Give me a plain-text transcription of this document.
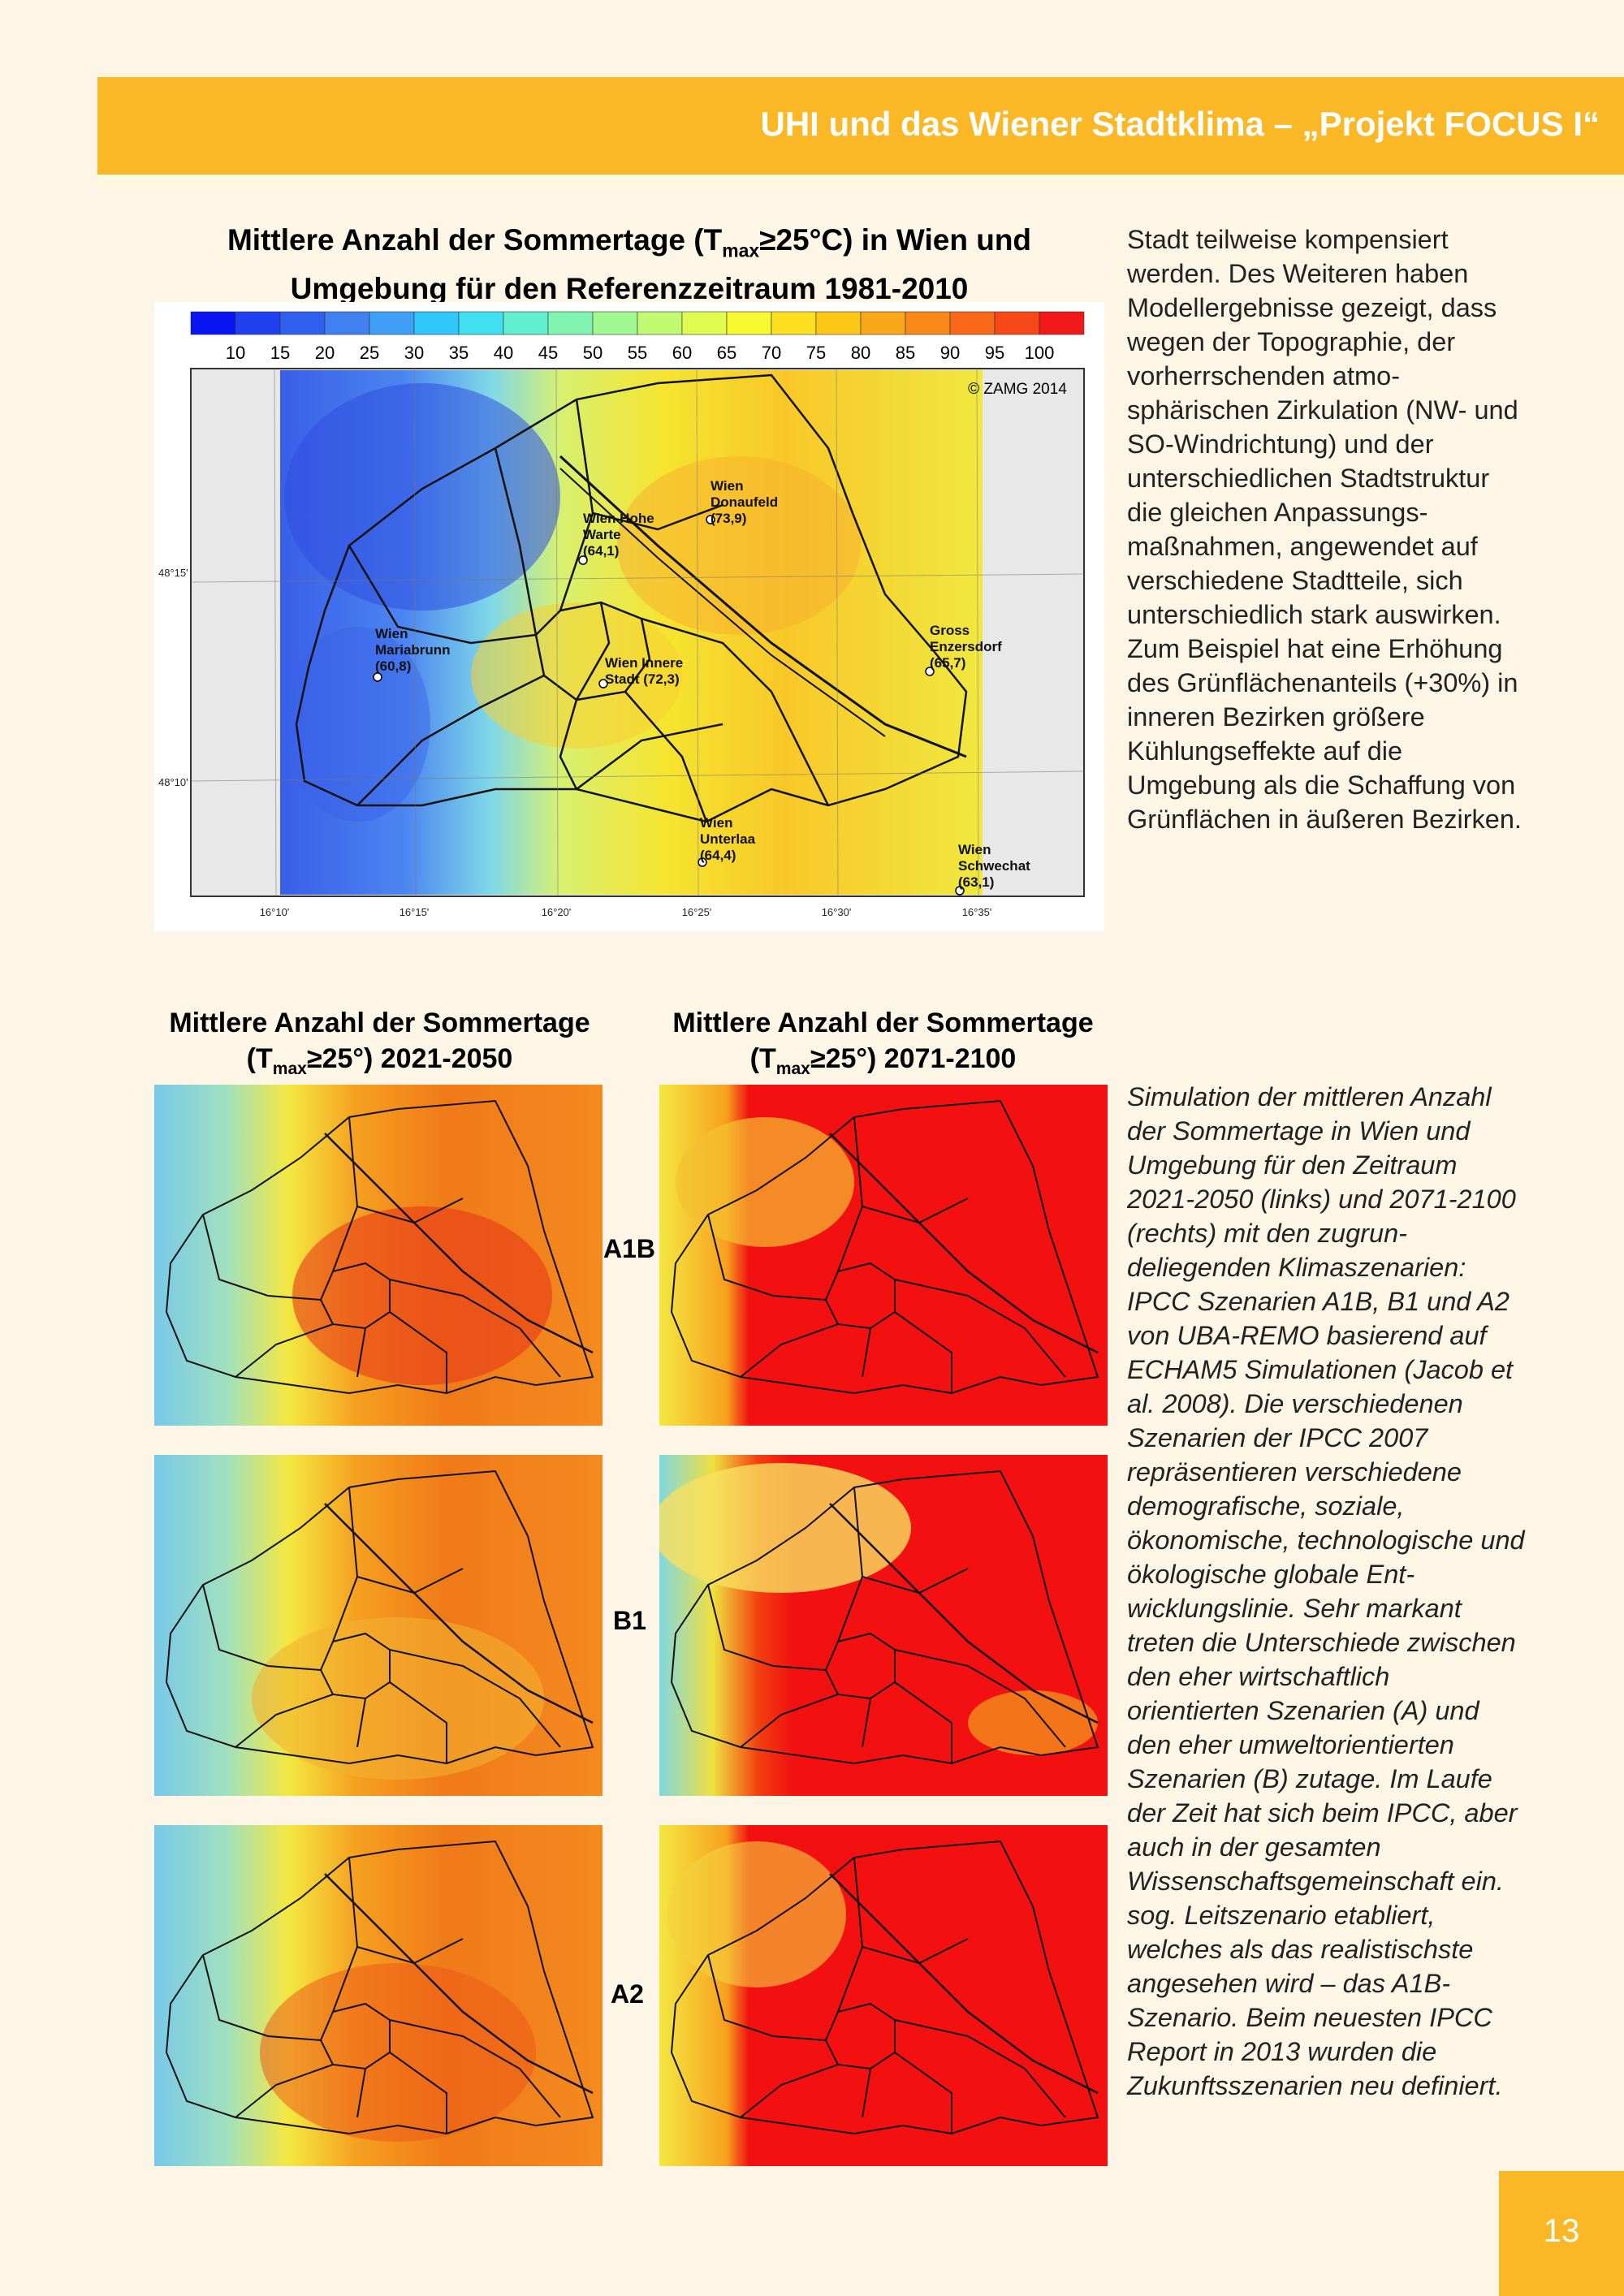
UHI und das Wiener Stadtklima – „Projekt FOCUS I“
Mittlere Anzahl der Sommertage $(T_{max}\ge 25^\circ C)$ in Wien und
Umgebung für den Referenzzeitraum 1981-2010
10 15 20 25 30 35 40 45 50 55 60 65 70 75 80 85 90 95 100
© ZAMG 2014
Wien Hohe Warte (64,1)
Wien Donaufeld (73,9)
Wien Mariabrunn (60,8)	Wien Innere Stadt (72,3)
Gross Enzersdorf (65,7)
Wien Unterlaa (64,4)	Wien Schwechat (63,1)
48°15'
48°10'
16°10'	16°15'	16°20'	16°25'	16°30'	16°35'

Stadt teilweise kompensiert werden. Des Weiteren haben Modellergebnisse gezeigt, dass wegen der Topographie, der vorherrschenden atmosphärischen Zirkulation (NW- und SO-Windrichtung) und der unterschiedlichen Stadtstruktur die gleichen Anpassungsmaßnahmen, angewendet auf verschiedene Stadtteile, sich unterschiedlich stark auswirken. Zum Beispiel hat eine Erhöhung des Grünflächenanteils (+30%) in inneren Bezirken größere Kühlungseffekte auf die Umgebung als die Schaffung von Grünflächen in äußeren Bezirken.

Mittlere Anzahl der Sommertage
$(T_{max}\ge 25^\circ)$ 2021-2050
Mittlere Anzahl der Sommertage
$(T_{max}\ge 25^\circ)$ 2071-2100
A1B
B1
A2

Simulation der mittleren Anzahl der Sommertage in Wien und Umgebung für den Zeitraum 2021-2050 (links) und 2071-2100 (rechts) mit den zugrundeliegenden Klimaszenarien: IPCC Szenarien A1B, B1 und A2 von UBA-REMO basierend auf ECHAM5 Simulationen (Jacob et al. 2008). Die verschiedenen Szenarien der IPCC 2007 repräsentieren verschiedene demografische, soziale, ökonomische, technologische und ökologische globale Entwicklungslinie. Sehr markant treten die Unterschiede zwischen den eher wirtschaftlich orientierten Szenarien (A) und den eher umweltorientierten Szenarien (B) zutage. Im Laufe der Zeit hat sich beim IPCC, aber auch in der gesamten Wissenschaftsgemeinschaft ein. sog. Leitszenario etabliert, welches als das realistischste angesehen wird – das A1B-Szenario. Beim neuesten IPCC Report in 2013 wurden die Zukunftsszenarien neu definiert.

13
